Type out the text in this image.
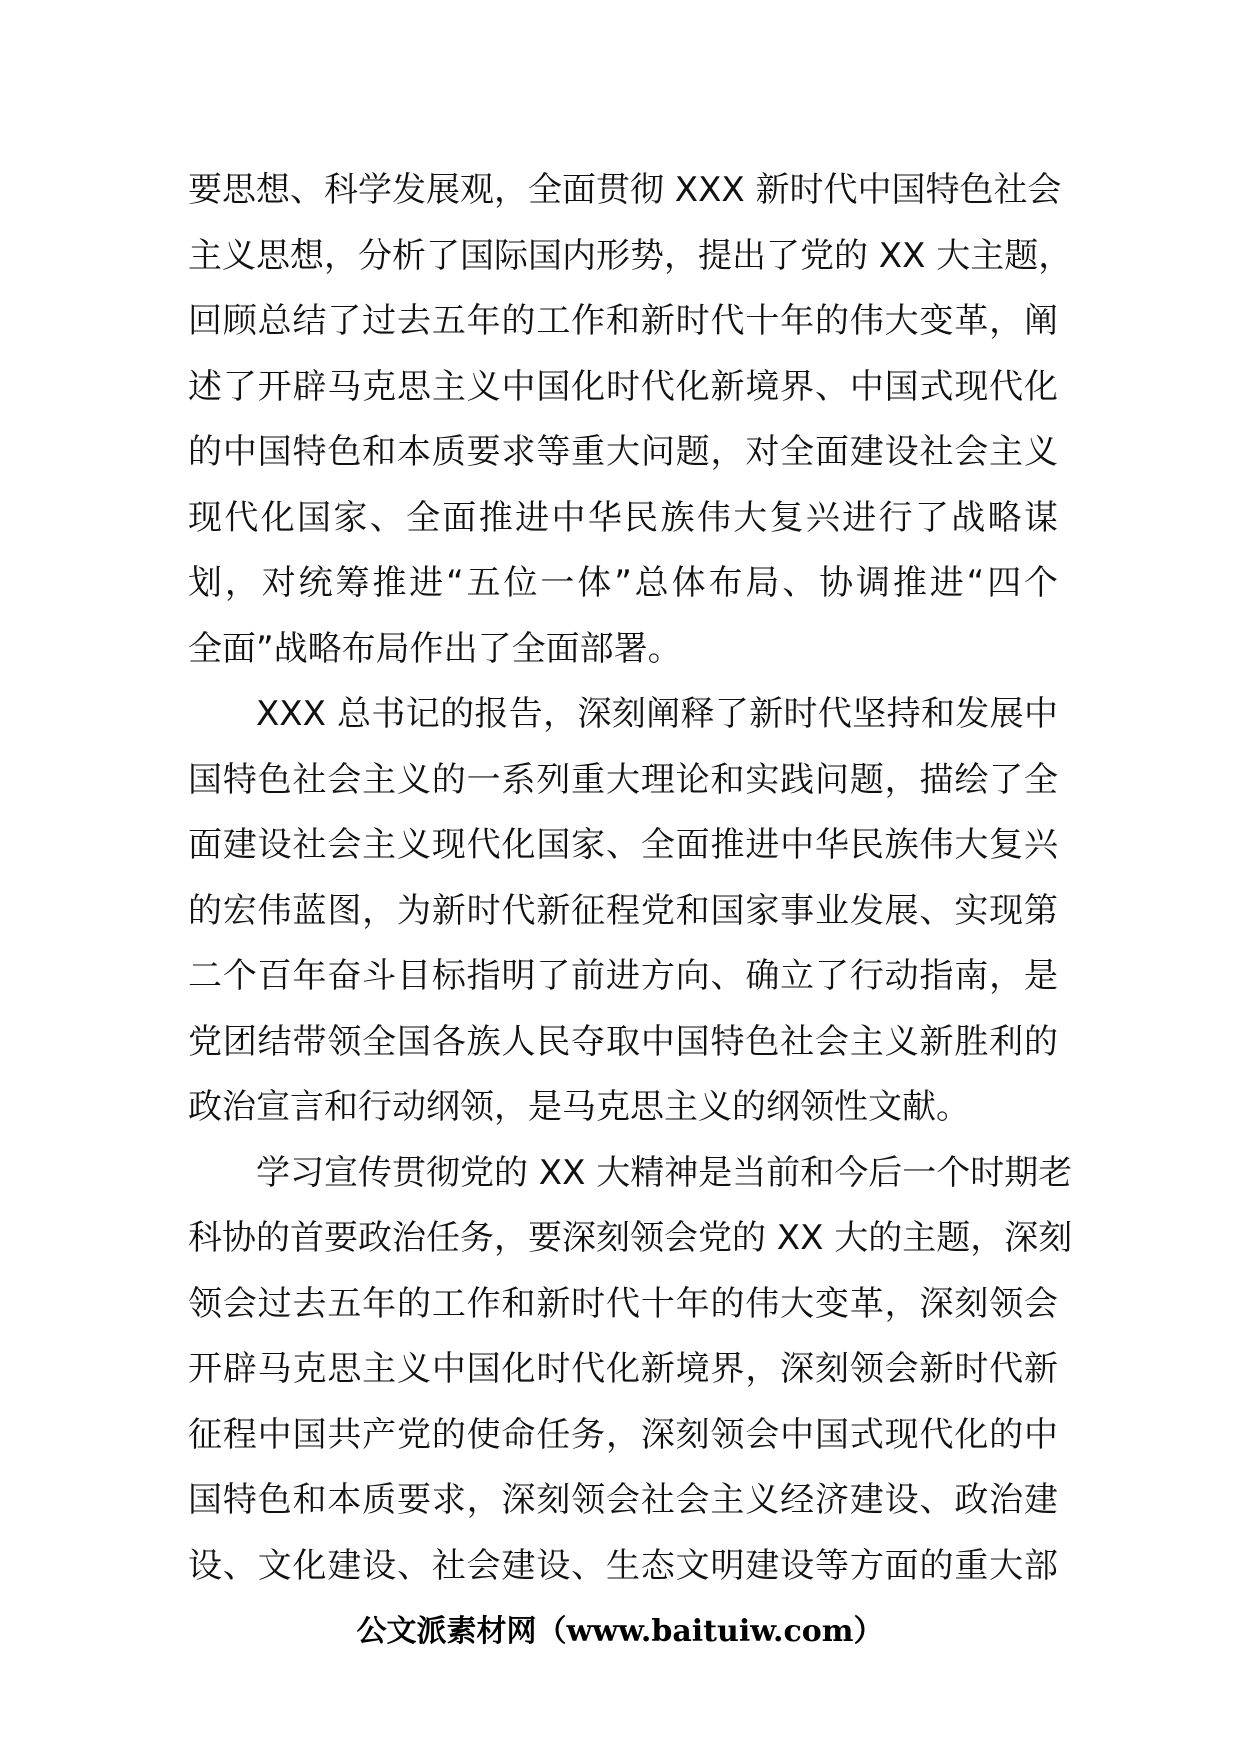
要思想、科学发展观，全面贯彻 XXX 新时代中国特色社会
主义思想，分析了国际国内形势，提出了党的 XX 大主题，
回顾总结了过去五年的工作和新时代十年的伟大变革，阐
述了开辟马克思主义中国化时代化新境界、中国式现代化
的中国特色和本质要求等重大问题，对全面建设社会主义
现代化国家、全面推进中华民族伟大复兴进行了战略谋
划，对统筹推进“五位一体”总体布局、协调推进“四个
全面”战略布局作出了全面部署。
XXX 总书记的报告，深刻阐释了新时代坚持和发展中
国特色社会主义的一系列重大理论和实践问题，描绘了全
面建设社会主义现代化国家、全面推进中华民族伟大复兴
的宏伟蓝图，为新时代新征程党和国家事业发展、实现第
二个百年奋斗目标指明了前进方向、确立了行动指南，是
党团结带领全国各族人民夺取中国特色社会主义新胜利的
政治宣言和行动纲领，是马克思主义的纲领性文献。
学习宣传贯彻党的 XX 大精神是当前和今后一个时期老
科协的首要政治任务，要深刻领会党的 XX 大的主题，深刻
领会过去五年的工作和新时代十年的伟大变革，深刻领会
开辟马克思主义中国化时代化新境界，深刻领会新时代新
征程中国共产党的使命任务，深刻领会中国式现代化的中
国特色和本质要求，深刻领会社会主义经济建设、政治建
设、文化建设、社会建设、生态文明建设等方面的重大部
公文派素材网（www.baituiw.com）
